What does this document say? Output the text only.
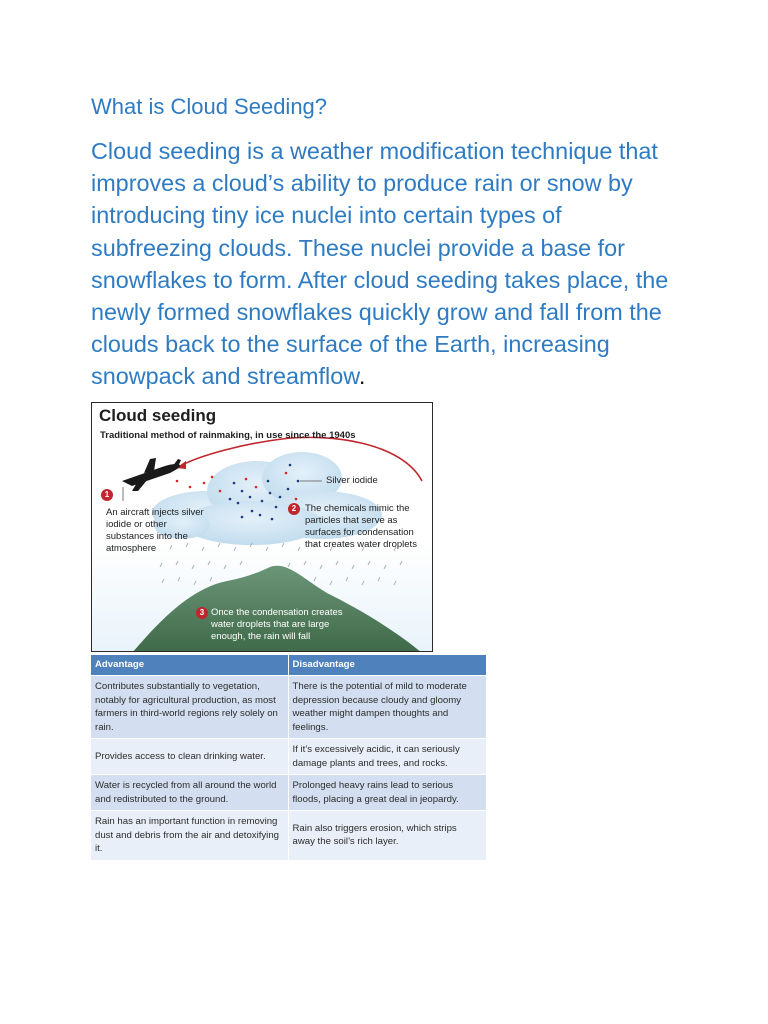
What is Cloud Seeding?

Cloud seeding is a weather modification technique that improves a cloud’s ability to produce rain or snow by introducing tiny ice nuclei into certain types of subfreezing clouds. These nuclei provide a base for snowflakes to form. After cloud seeding takes place, the newly formed snowflakes quickly grow and fall from the clouds back to the surface of the Earth, increasing snowpack and streamflow.

Cloud seeding
Traditional method of rainmaking, in use since the 1940s
Silver iodide
1
An aircraft injects silver iodide or other substances into the atmosphere
2 The chemicals mimic the particles that serve as surfaces for condensation that creates water droplets
3 Once the condensation creates water droplets that are large enough, the rain will fall
Advantage	Disadvantage
Contributes substantially to vegetation, notably for agricultural production, as most farmers in third-world regions rely solely on rain.	There is the potential of mild to moderate depression because cloudy and gloomy weather might dampen thoughts and feelings.
Provides access to clean drinking water.	If it’s excessively acidic, it can seriously damage plants and trees, and rocks.
Water is recycled from all around the world and redistributed to the ground.	Prolonged heavy rains lead to serious floods, placing a great deal in jeopardy.
Rain has an important function in removing dust and debris from the air and detoxifying it.	Rain also triggers erosion, which strips away the soil’s rich layer.
